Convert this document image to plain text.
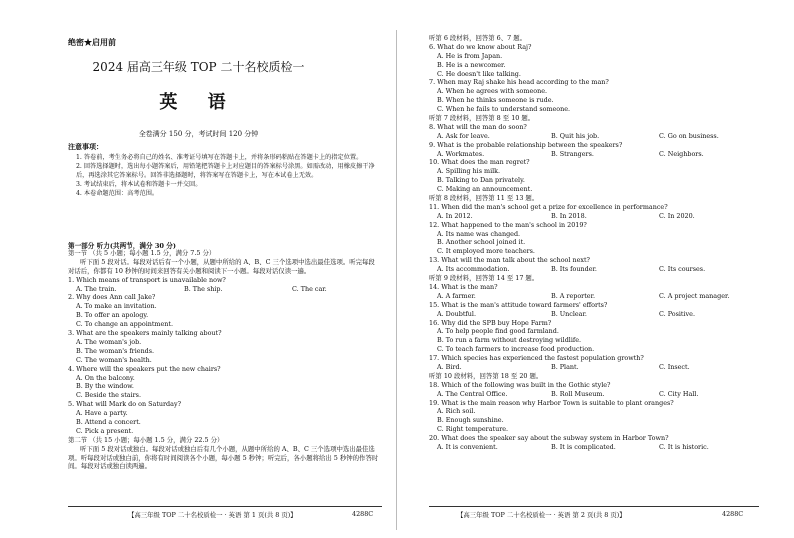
绝密★启用前
2024 届高三年级 TOP 二十名校质检一
英 语
全卷满分 150 分，考试时间 120 分钟
注意事项：
1. 答卷前，考生务必将自己的姓名、准考证号填写在答题卡上，并将条形码粘贴在答题卡上的指定位置。
2. 回答选择题时，选出每小题答案后，用铅笔把答题卡上对应题目的答案标号涂黑。如需改动，用橡皮擦干净后，再选涂其它答案标号。回答非选择题时，将答案写在答题卡上，写在本试卷上无效。
3. 考试结束后，将本试卷和答题卡一并交回。
4. 本卷命题范围：高考范围。
第一部分 听力(共两节，满分 30 分)
第一节 （共 5 小题；每小题 1.5 分，满分 7.5 分）
听下面 5 段对话。每段对话后有一个小题，从题中所给的 A、B、C 三个选项中选出最佳选项。听完每段对话后，你都有 10 秒钟的时间来回答有关小题和阅读下一小题。每段对话仅读一遍。
1. Which means of transport is unavailable now?
A. The train.	B. The ship.	C. The car.
2. Why does Ann call Jake?
A. To make an invitation.
B. To offer an apology.
C. To change an appointment.
3. What are the speakers mainly talking about?
A. The woman's job.
B. The woman's friends.
C. The woman's health.
4. Where will the speakers put the new chairs?
A. On the balcony.
B. By the window.
C. Beside the stairs.
5. What will Mark do on Saturday?
A. Have a party.
B. Attend a concert.
C. Pick a present.
第二节 （共 15 小题；每小题 1.5 分，满分 22.5 分）
听下面 5 段对话或独白。每段对话或独白后有几个小题，从题中所给的 A、B、C 三个选项中选出最佳选项。听每段对话或独白前，你将有时间阅读各个小题，每小题 5 秒钟；听完后，各小题将给出 5 秒钟的作答时间。每段对话或独白读两遍。
【高三年级 TOP 二十名校质检一 · 英语 第 1 页(共 8 页)】	4288C
听第 6 段材料，回答第 6、7 题。
6. What do we know about Raj?
A. He is from Japan.
B. He is a newcomer.
C. He doesn't like talking.
7. When may Raj shake his head according to the man?
A. When he agrees with someone.
B. When he thinks someone is rude.
C. When he fails to understand someone.
听第 7 段材料，回答第 8 至 10 题。
8. What will the man do soon?
A. Ask for leave.	B. Quit his job.	C. Go on business.
9. What is the probable relationship between the speakers?
A. Workmates.	B. Strangers.	C. Neighbors.
10. What does the man regret?
A. Spilling his milk.
B. Talking to Dan privately.
C. Making an announcement.
听第 8 段材料，回答第 11 至 13 题。
11. When did the man's school get a prize for excellence in performance?
A. In 2012.	B. In 2018.	C. In 2020.
12. What happened to the man's school in 2019?
A. Its name was changed.
B. Another school joined it.
C. It employed more teachers.
13. What will the man talk about the school next?
A. Its accommodation.	B. Its founder.	C. Its courses.
听第 9 段材料，回答第 14 至 17 题。
14. What is the man?
A. A farmer.	B. A reporter.	C. A project manager.
15. What is the man's attitude toward farmers' efforts?
A. Doubtful.	B. Unclear.	C. Positive.
16. Why did the SPB buy Hope Farm?
A. To help people find good farmland.
B. To run a farm without destroying wildlife.
C. To teach farmers to increase food production.
17. Which species has experienced the fastest population growth?
A. Bird.	B. Plant.	C. Insect.
听第 10 段材料，回答第 18 至 20 题。
18. Which of the following was built in the Gothic style?
A. The Central Office.	B. Roll Museum.	C. City Hall.
19. What is the main reason why Harbor Town is suitable to plant oranges?
A. Rich soil.
B. Enough sunshine.
C. Right temperature.
20. What does the speaker say about the subway system in Harbor Town?
A. It is convenient.	B. It is complicated.	C. It is historic.
【高三年级 TOP 二十名校质检一 · 英语 第 2 页(共 8 页)】	4288C
